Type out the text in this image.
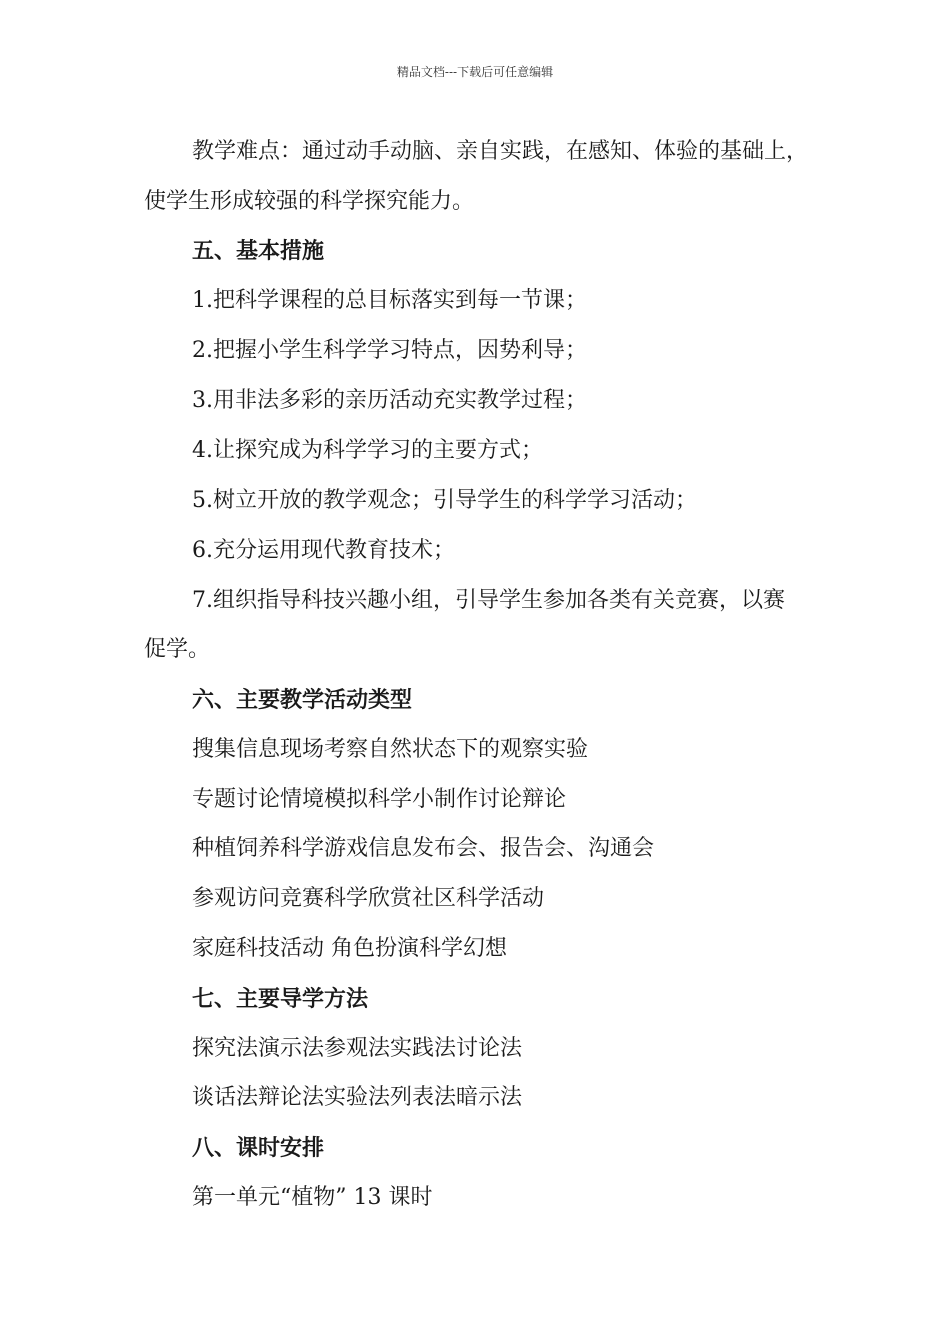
精品文档---下载后可任意编辑
教学难点：通过动手动脑、亲自实践，在感知、体验的基础上，
使学生形成较强的科学探究能力。
五、基本措施
1.把科学课程的总目标落实到每一节课；
2.把握小学生科学学习特点，因势利导；
3.用非法多彩的亲历活动充实教学过程；
4.让探究成为科学学习的主要方式；
5.树立开放的教学观念；引导学生的科学学习活动；
6.充分运用现代教育技术；
7.组织指导科技兴趣小组，引导学生参加各类有关竞赛，以赛
促学。
六、主要教学活动类型
搜集信息现场考察自然状态下的观察实验
专题讨论情境模拟科学小制作讨论辩论
种植饲养科学游戏信息发布会、报告会、沟通会
参观访问竞赛科学欣赏社区科学活动
家庭科技活动 角色扮演科学幻想
七、主要导学方法
探究法演示法参观法实践法讨论法
谈话法辩论法实验法列表法暗示法
八、课时安排
第一单元“植物” 13 课时
